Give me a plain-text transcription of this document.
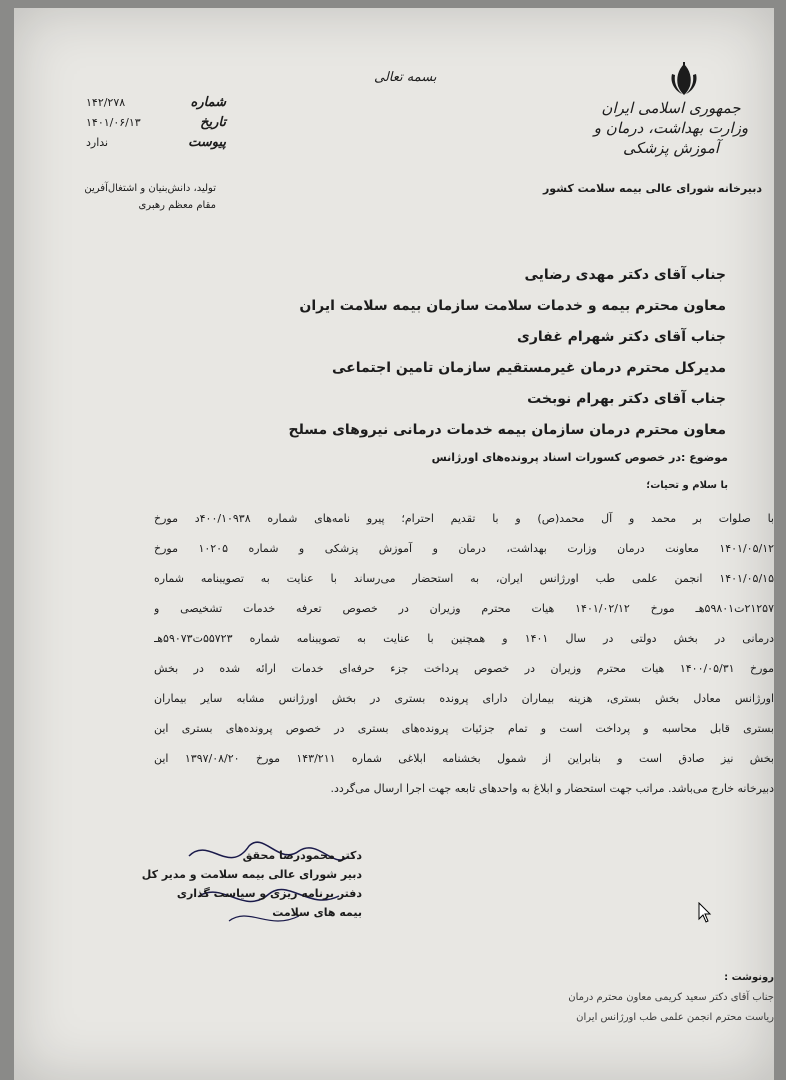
بسمه تعالی
جمهوری اسلامی ایران
وزارت بهداشت، درمان و آموزش پزشکی
دبیرخانه شورای عالی بیمه سلامت کشور
شماره
۱۴۲/۲۷۸
تاریخ
۱۴۰۱/۰۶/۱۳
پیوست
ندارد
تولید، دانش‌بنیان و اشتغال‌آفرین
مقام معظم رهبری
جناب آقای دکتر مهدی رضایی
معاون محترم بیمه و خدمات سلامت سازمان بیمه سلامت ایران
جناب آقای دکتر شهرام غفاری
مدیرکل محترم درمان غیرمستقیم سازمان تامین اجتماعی
جناب آقای دکتر بهرام نوبخت
معاون محترم درمان سازمان بیمه خدمات درمانی نیروهای مسلح
موضوع :در خصوص کسورات اسناد پرونده‌های اورژانس
با سلام و تحیات؛
با صلوات بر محمد و آل محمد(ص) و با تقدیم احترام؛ پیرو نامه‌های شماره ۴۰۰/۱۰۹۳۸د مورخ
۱۴۰۱/۰۵/۱۲ معاونت درمان وزارت بهداشت، درمان و آموزش پزشکی و شماره ۱۰۲۰۵ مورخ
۱۴۰۱/۰۵/۱۵ انجمن علمی طب اورژانس ایران، به استحضار می‌رساند با عنایت به تصویبنامه شماره
۲۱۲۵۷ت۵۹۸۰۱هـ مورخ ۱۴۰۱/۰۲/۱۲ هیات محترم وزیران در خصوص تعرفه خدمات تشخیصی و
درمانی در بخش دولتی در سال ۱۴۰۱ و همچنین با عنایت به تصویبنامه شماره ۵۵۷۲۳ت۵۹۰۷۳هـ
مورخ ۱۴۰۰/۰۵/۳۱ هیات محترم وزیران در خصوص پرداخت جزء حرفه‌ای خدمات ارائه شده در بخش
اورژانس معادل بخش بستری، هزینه بیماران دارای پرونده بستری در بخش اورژانس مشابه سایر بیماران
بستری قابل محاسبه و پرداخت است و تمام جزئیات پرونده‌های بستری در خصوص پرونده‌های بستری این
بخش نیز صادق است و بنابراین از شمول بخشنامه ابلاغی شماره ۱۴۳/۲۱۱ مورخ ۱۳۹۷/۰۸/۲۰ این
دبیرخانه خارج می‌باشد. مراتب جهت استحضار و ابلاغ به واحدهای تابعه جهت اجرا ارسال می‌گردد.
دکتر محمودرضا محقق
دبیر شورای عالی بیمه سلامت و مدیر کل
دفتر برنامه ریزی و سیاست گذاری
بیمه های سلامت
رونوشت :
جناب آقای دکتر سعید کریمی معاون محترم درمان
ریاست محترم انجمن علمی طب اورژانس ایران
